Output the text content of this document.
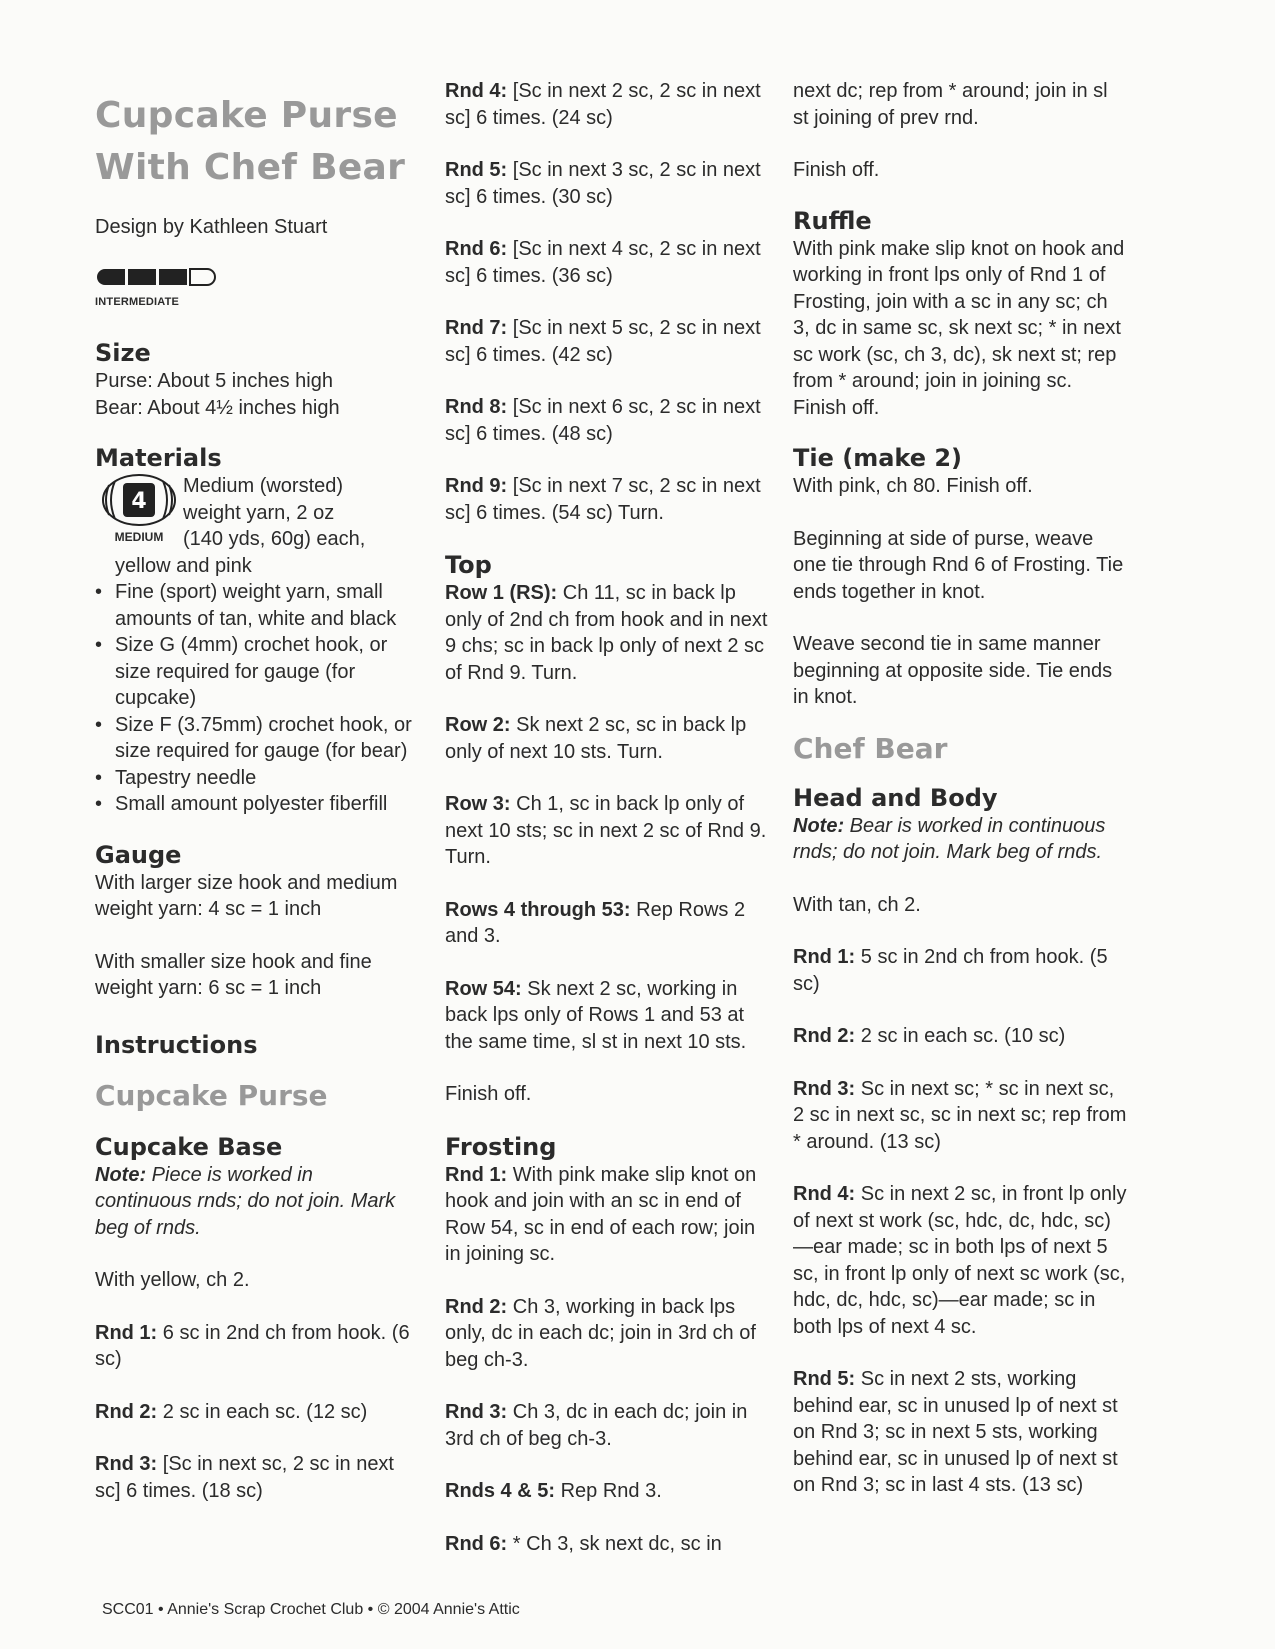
Cupcake Purse
With Chef Bear
Design by Kathleen Stuart
INTERMEDIATE
Size

Purse: About 5 inches high

Bear: About 4½ inches high

Materials
4
MEDIUM

Medium (worsted)

weight yarn, 2 oz

(140 yds, 60g) each,

yellow and pink

• Fine (sport) weight yarn, small amounts of tan, white and black
• Size G (4mm) crochet hook, or size required for gauge (for cupcake)
• Size F (3.75mm) crochet hook, or size required for gauge (for bear)
• Tapestry needle
• Small amount polyester fiberfill
Gauge

With larger size hook and medium weight yarn: 4 sc = 1 inch

With smaller size hook and fine weight yarn: 6 sc = 1 inch

Instructions
Cupcake Purse
Cupcake Base
Note: Piece is worked in continuous rnds; do not join. Mark beg of rnds.

With yellow, ch 2.

Rnd 1: 6 sc in 2nd ch from hook. (6 sc)

Rnd 2: 2 sc in each sc. (12 sc)

Rnd 3: [Sc in next sc, 2 sc in next sc] 6 times. (18 sc)

Rnd 4: [Sc in next 2 sc, 2 sc in next sc] 6 times. (24 sc)

Rnd 5: [Sc in next 3 sc, 2 sc in next sc] 6 times. (30 sc)

Rnd 6: [Sc in next 4 sc, 2 sc in next sc] 6 times. (36 sc)

Rnd 7: [Sc in next 5 sc, 2 sc in next sc] 6 times. (42 sc)

Rnd 8: [Sc in next 6 sc, 2 sc in next sc] 6 times. (48 sc)

Rnd 9: [Sc in next 7 sc, 2 sc in next sc] 6 times. (54 sc) Turn.

Top

Row 1 (RS): Ch 11, sc in back lp only of 2nd ch from hook and in next 9 chs; sc in back lp only of next 2 sc of Rnd 9. Turn.

Row 2: Sk next 2 sc, sc in back lp only of next 10 sts. Turn.

Row 3: Ch 1, sc in back lp only of next 10 sts; sc in next 2 sc of Rnd 9. Turn.

Rows 4 through 53: Rep Rows 2 and 3.

Row 54: Sk next 2 sc, working in back lps only of Rows 1 and 53 at the same time, sl st in next 10 sts.

Finish off.

Frosting

Rnd 1: With pink make slip knot on hook and join with an sc in end of Row 54, sc in end of each row; join in joining sc.

Rnd 2: Ch 3, working in back lps only, dc in each dc; join in 3rd ch of beg ch-3.

Rnd 3: Ch 3, dc in each dc; join in 3rd ch of beg ch-3.

Rnds 4 & 5: Rep Rnd 3.

Rnd 6: * Ch 3, sk next dc, sc in

next dc; rep from * around; join in sl st joining of prev rnd.

Finish off.

Ruffle

With pink make slip knot on hook and working in front lps only of Rnd 1 of Frosting, join with a sc in any sc; ch 3, dc in same sc, sk next sc; * in next sc work (sc, ch 3, dc), sk next st; rep from * around; join in joining sc. Finish off.

Tie (make 2)

With pink, ch 80. Finish off.

Beginning at side of purse, weave one tie through Rnd 6 of Frosting. Tie ends together in knot.

Weave second tie in same manner beginning at opposite side. Tie ends in knot.

Chef Bear
Head and Body
Note: Bear is worked in continuous rnds; do not join. Mark beg of rnds.

With tan, ch 2.

Rnd 1: 5 sc in 2nd ch from hook. (5 sc)

Rnd 2: 2 sc in each sc. (10 sc)

Rnd 3: Sc in next sc; * sc in next sc, 2 sc in next sc, sc in next sc; rep from * around. (13 sc)

Rnd 4: Sc in next 2 sc, in front lp only of next st work (sc, hdc, dc, hdc, sc)—ear made; sc in both lps of next 5 sc, in front lp only of next sc work (sc, hdc, dc, hdc, sc)—ear made; sc in both lps of next 4 sc.

Rnd 5: Sc in next 2 sts, working behind ear, sc in unused lp of next st on Rnd 3; sc in next 5 sts, working behind ear, sc in unused lp of next st on Rnd 3; sc in last 4 sts. (13 sc)

SCC01 • Annie's Scrap Crochet Club • © 2004 Annie's Attic
